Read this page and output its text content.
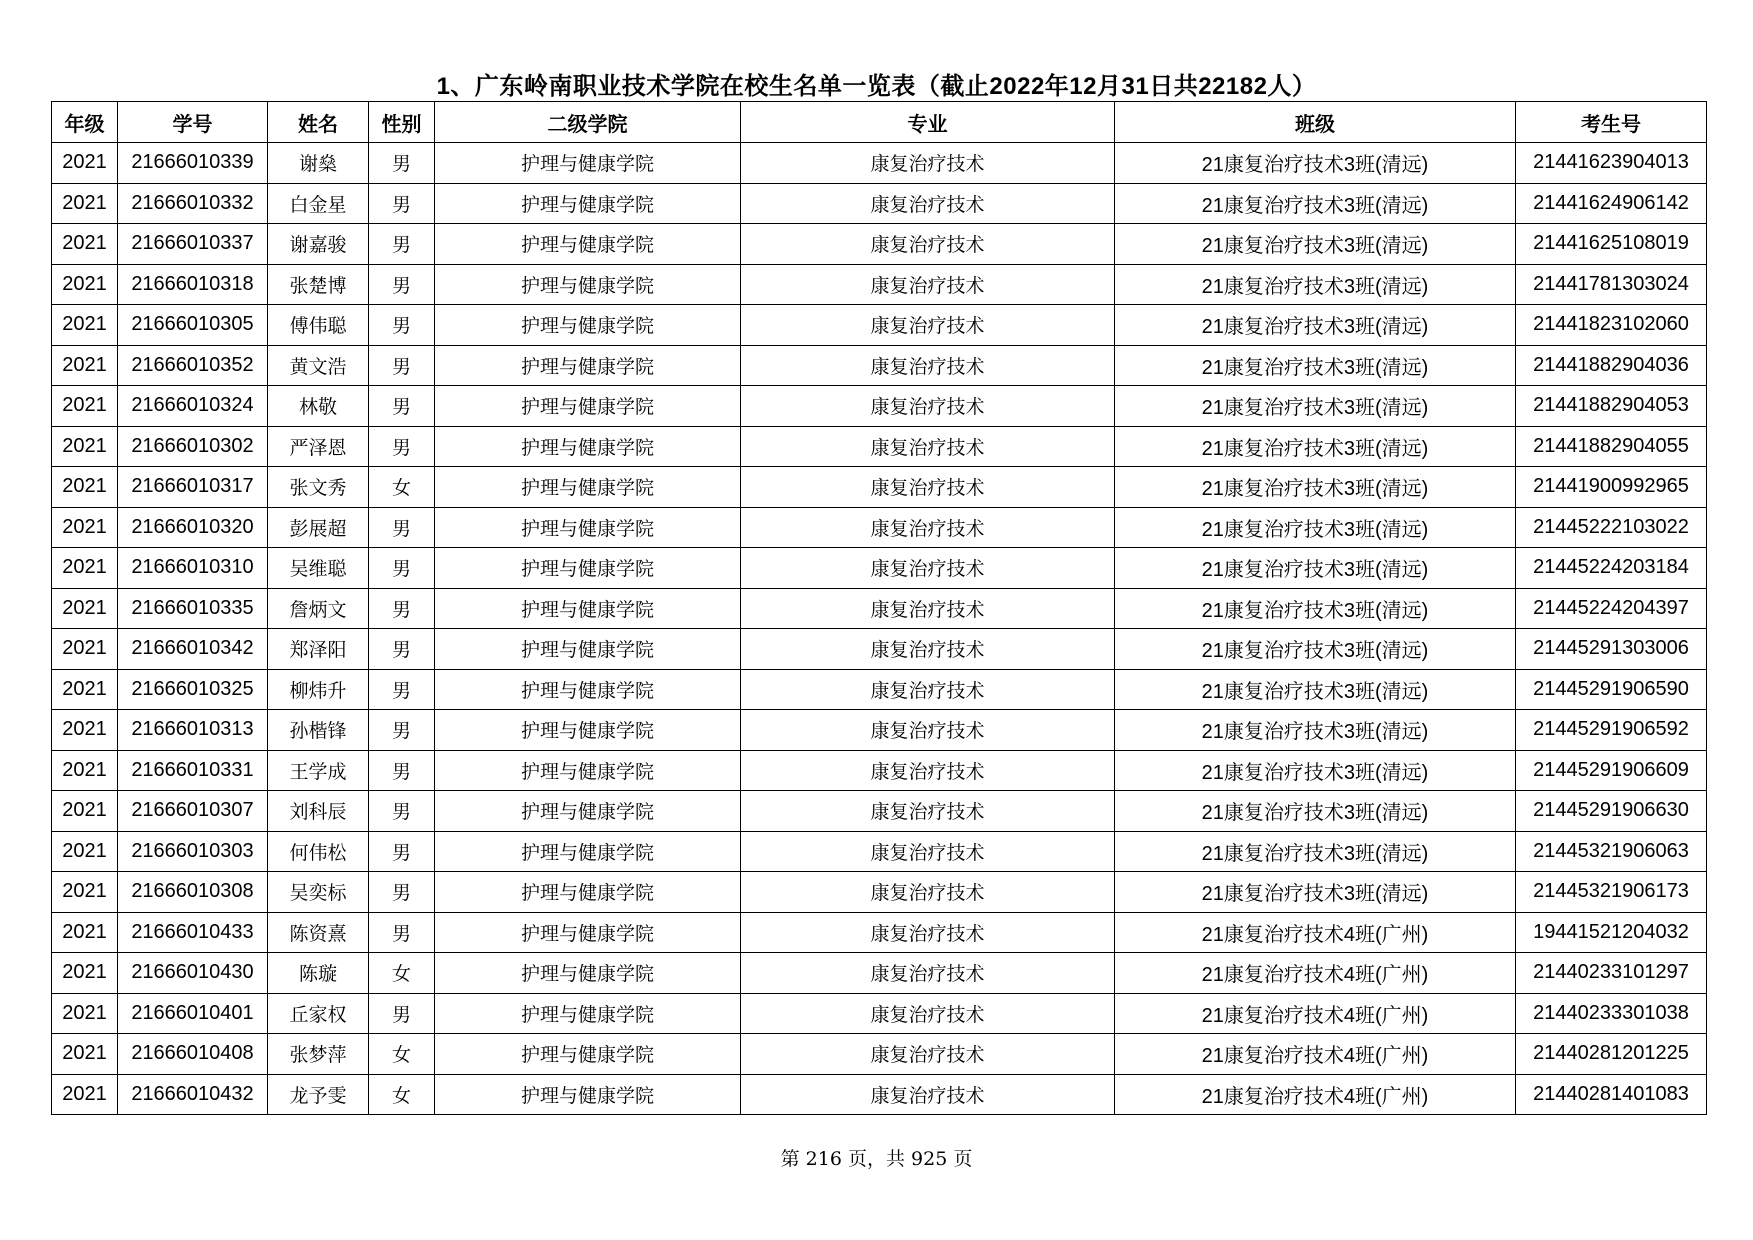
1、广东岭南职业技术学院在校生名单一览表（截止2022年12月31日共22182人）
年级	学号	姓名	性别	二级学院	专业	班级	考生号
2021	21666010339	谢燊	男	护理与健康学院	康复治疗技术	21康复治疗技术3班(清远)	21441623904013
2021	21666010332	白金星	男	护理与健康学院	康复治疗技术	21康复治疗技术3班(清远)	21441624906142
2021	21666010337	谢嘉骏	男	护理与健康学院	康复治疗技术	21康复治疗技术3班(清远)	21441625108019
2021	21666010318	张楚博	男	护理与健康学院	康复治疗技术	21康复治疗技术3班(清远)	21441781303024
2021	21666010305	傅伟聪	男	护理与健康学院	康复治疗技术	21康复治疗技术3班(清远)	21441823102060
2021	21666010352	黄文浩	男	护理与健康学院	康复治疗技术	21康复治疗技术3班(清远)	21441882904036
2021	21666010324	林敬	男	护理与健康学院	康复治疗技术	21康复治疗技术3班(清远)	21441882904053
2021	21666010302	严泽恩	男	护理与健康学院	康复治疗技术	21康复治疗技术3班(清远)	21441882904055
2021	21666010317	张文秀	女	护理与健康学院	康复治疗技术	21康复治疗技术3班(清远)	21441900992965
2021	21666010320	彭展超	男	护理与健康学院	康复治疗技术	21康复治疗技术3班(清远)	21445222103022
2021	21666010310	吴维聪	男	护理与健康学院	康复治疗技术	21康复治疗技术3班(清远)	21445224203184
2021	21666010335	詹炳文	男	护理与健康学院	康复治疗技术	21康复治疗技术3班(清远)	21445224204397
2021	21666010342	郑泽阳	男	护理与健康学院	康复治疗技术	21康复治疗技术3班(清远)	21445291303006
2021	21666010325	柳炜升	男	护理与健康学院	康复治疗技术	21康复治疗技术3班(清远)	21445291906590
2021	21666010313	孙楷锋	男	护理与健康学院	康复治疗技术	21康复治疗技术3班(清远)	21445291906592
2021	21666010331	王学成	男	护理与健康学院	康复治疗技术	21康复治疗技术3班(清远)	21445291906609
2021	21666010307	刘科辰	男	护理与健康学院	康复治疗技术	21康复治疗技术3班(清远)	21445291906630
2021	21666010303	何伟松	男	护理与健康学院	康复治疗技术	21康复治疗技术3班(清远)	21445321906063
2021	21666010308	吴奕标	男	护理与健康学院	康复治疗技术	21康复治疗技术3班(清远)	21445321906173
2021	21666010433	陈资熹	男	护理与健康学院	康复治疗技术	21康复治疗技术4班(广州)	19441521204032
2021	21666010430	陈璇	女	护理与健康学院	康复治疗技术	21康复治疗技术4班(广州)	21440233101297
2021	21666010401	丘家权	男	护理与健康学院	康复治疗技术	21康复治疗技术4班(广州)	21440233301038
2021	21666010408	张梦萍	女	护理与健康学院	康复治疗技术	21康复治疗技术4班(广州)	21440281201225
2021	21666010432	龙予雯	女	护理与健康学院	康复治疗技术	21康复治疗技术4班(广州)	21440281401083
第 216 页，共 925 页
